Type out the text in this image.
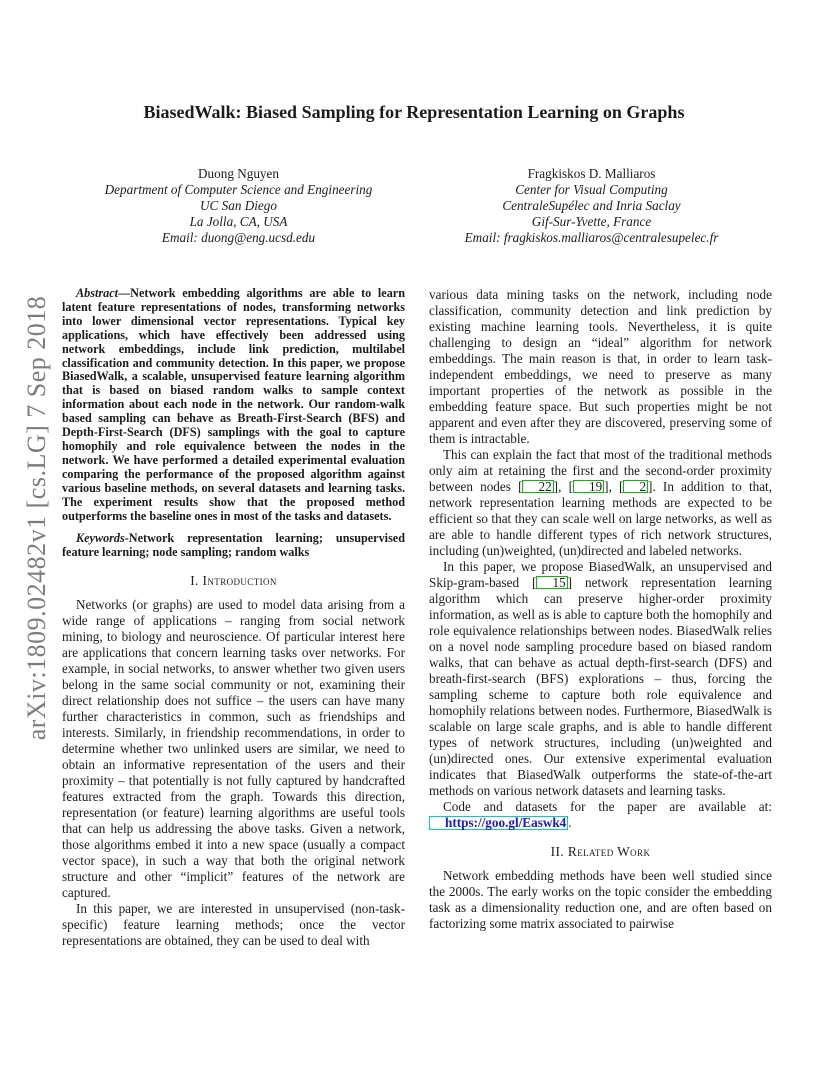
arXiv:1809.02482v1 [cs.LG] 7 Sep 2018
BiasedWalk: Biased Sampling for Representation Learning on Graphs
Duong Nguyen
Department of Computer Science and Engineering
UC San Diego
La Jolla, CA, USA
Email: duong@eng.ucsd.edu
Fragkiskos D. Malliaros
Center for Visual Computing
CentraleSupélec and Inria Saclay
Gif-Sur-Yvette, France
Email: fragkiskos.malliaros@centralesupelec.fr

Abstract—Network embedding algorithms are able to learn latent feature representations of nodes, transforming networks into lower dimensional vector representations. Typical key applications, which have effectively been addressed using network embeddings, include link prediction, multilabel classification and community detection. In this paper, we propose BiasedWalk, a scalable, unsupervised feature learning algorithm that is based on biased random walks to sample context information about each node in the network. Our random-walk based sampling can behave as Breath-First-Search (BFS) and Depth-First-Search (DFS) samplings with the goal to capture homophily and role equivalence between the nodes in the network. We have performed a detailed experimental evaluation comparing the performance of the proposed algorithm against various baseline methods, on several datasets and learning tasks. The experiment results show that the proposed method outperforms the baseline ones in most of the tasks and datasets.

Keywords-Network representation learning; unsupervised feature learning; node sampling; random walks

I. Introduction

Networks (or graphs) are used to model data arising from a wide range of applications – ranging from social network mining, to biology and neuroscience. Of particular interest here are applications that concern learning tasks over networks. For example, in social networks, to answer whether two given users belong in the same social community or not, examining their direct relationship does not suffice – the users can have many further characteristics in common, such as friendships and interests. Similarly, in friendship recommendations, in order to determine whether two unlinked users are similar, we need to obtain an informative representation of the users and their proximity – that potentially is not fully captured by handcrafted features extracted from the graph. Towards this direction, representation (or feature) learning algorithms are useful tools that can help us addressing the above tasks. Given a network, those algorithms embed it into a new space (usually a compact vector space), in such a way that both the original network structure and other “implicit” features of the network are captured.

In this paper, we are interested in unsupervised (non-task-specific) feature learning methods; once the vector representations are obtained, they can be used to deal with

various data mining tasks on the network, including node classification, community detection and link prediction by existing machine learning tools. Nevertheless, it is quite challenging to design an “ideal” algorithm for network embeddings. The main reason is that, in order to learn task-independent embeddings, we need to preserve as many important properties of the network as possible in the embedding feature space. But such properties might be not apparent and even after they are discovered, preserving some of them is intractable.

This can explain the fact that most of the traditional methods only aim at retaining the first and the second-order proximity between nodes [ 22 ], [ 19 ], [ 2 ]. In addition to that, network representation learning methods are expected to be efficient so that they can scale well on large networks, as well as are able to handle different types of rich network structures, including (un)weighted, (un)directed and labeled networks.

In this paper, we propose BiasedWalk, an unsupervised and Skip-gram-based [ 15 ] network representation learning algorithm which can preserve higher-order proximity information, as well as is able to capture both the homophily and role equivalence relationships between nodes. BiasedWalk relies on a novel node sampling procedure based on biased random walks, that can behave as actual depth-first-search (DFS) and breath-first-search (BFS) explorations – thus, forcing the sampling scheme to capture both role equivalence and homophily relations between nodes. Furthermore, BiasedWalk is scalable on large scale graphs, and is able to handle different types of network structures, including (un)weighted and (un)directed ones. Our extensive experimental evaluation indicates that BiasedWalk outperforms the state-of-the-art methods on various network datasets and learning tasks.

Code and datasets for the paper are available at: https://goo.gl/Easwk4 .

II. Related Work

Network embedding methods have been well studied since the 2000s. The early works on the topic consider the embedding task as a dimensionality reduction one, and are often based on factorizing some matrix associated to pairwise
